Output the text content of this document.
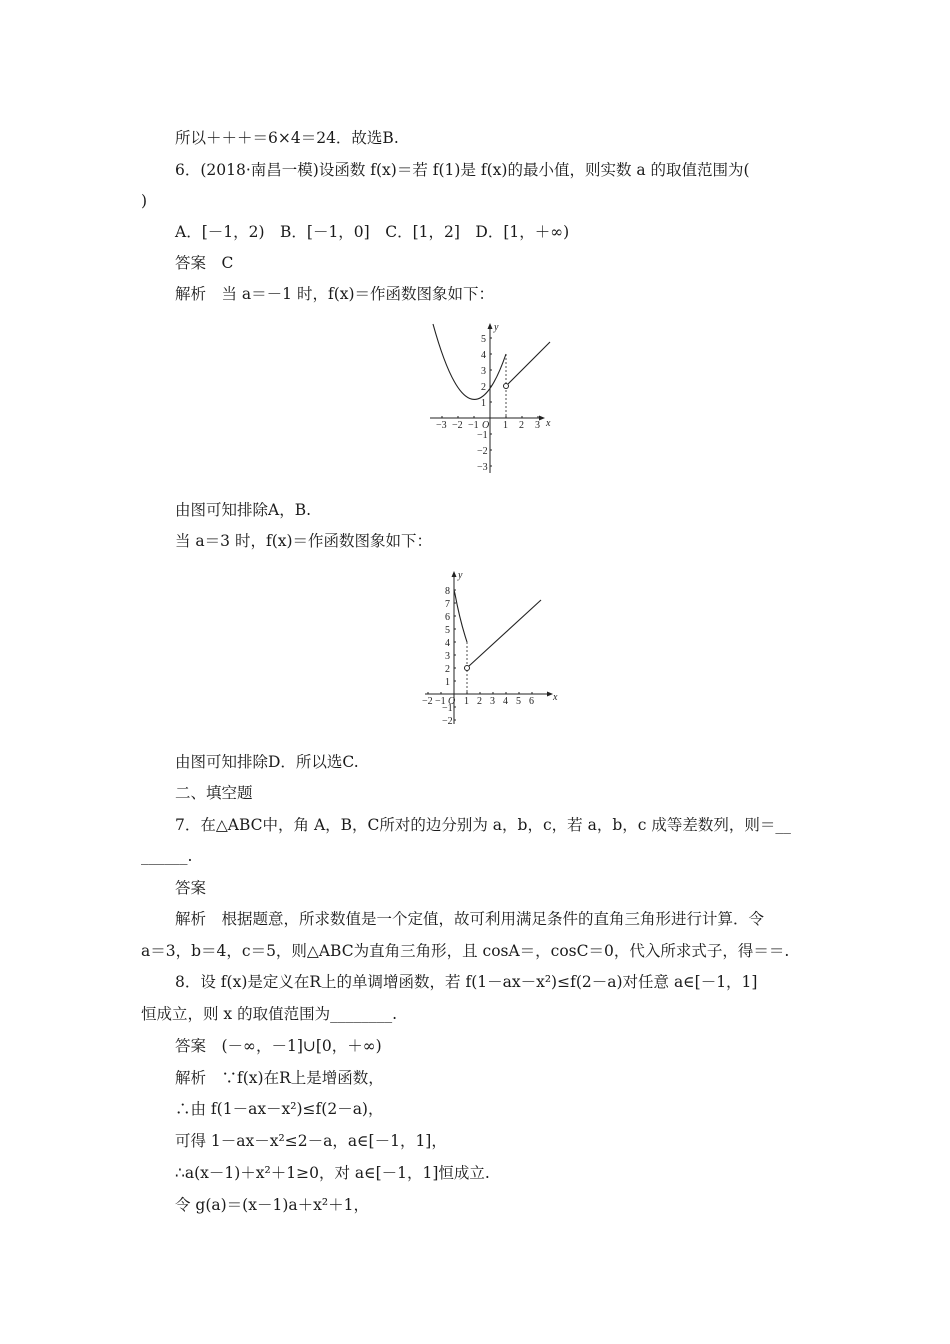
所以＋＋＋＝6×4＝24．故选B.
6．(2018·南昌一模)设函数 f(x)＝若 f(1)是 f(x)的最小值，则实数 a 的取值范围为(
)
A．[－1，2)　B．[－1，0]　C．[1，2]　D．[1，＋∞)
答案　C
解析　当 a＝－1 时，f(x)＝作函数图象如下：
y
x
O
−3 −2 −1 1 2 3
5
4
3
2
1
−1
−2
−3
由图可知排除A，B.
当 a＝3 时，f(x)＝作函数图象如下：
y
x
O
−2 −1 1 2 3 4 5 6
8
7
6
5
4
3
2
1
−1
−2
由图可知排除D．所以选C.
二、填空题
7．在△ABC中，角 A，B，C所对的边分别为 a，b，c，若 a，b，c 成等差数列，则＝__
______.
答案
解析　根据题意，所求数值是一个定值，故可利用满足条件的直角三角形进行计算．令
a＝3，b＝4，c＝5，则△ABC为直角三角形，且 cosA＝，cosC＝0，代入所求式子，得＝＝.
8．设 f(x)是定义在R上的单调增函数，若 f(1－ax－x²)≤f(2－a)对任意 a∈[－1，1]
恒成立，则 x 的取值范围为________.
答案　(－∞，－1]∪[0，＋∞)
解析　∵f(x)在R上是增函数，
∴由 f(1－ax－x²)≤f(2－a)，
可得 1－ax－x²≤2－a，a∈[－1，1]，
∴a(x－1)＋x²＋1≥0，对 a∈[－1，1]恒成立.
令 g(a)＝(x－1)a＋x²＋1，
